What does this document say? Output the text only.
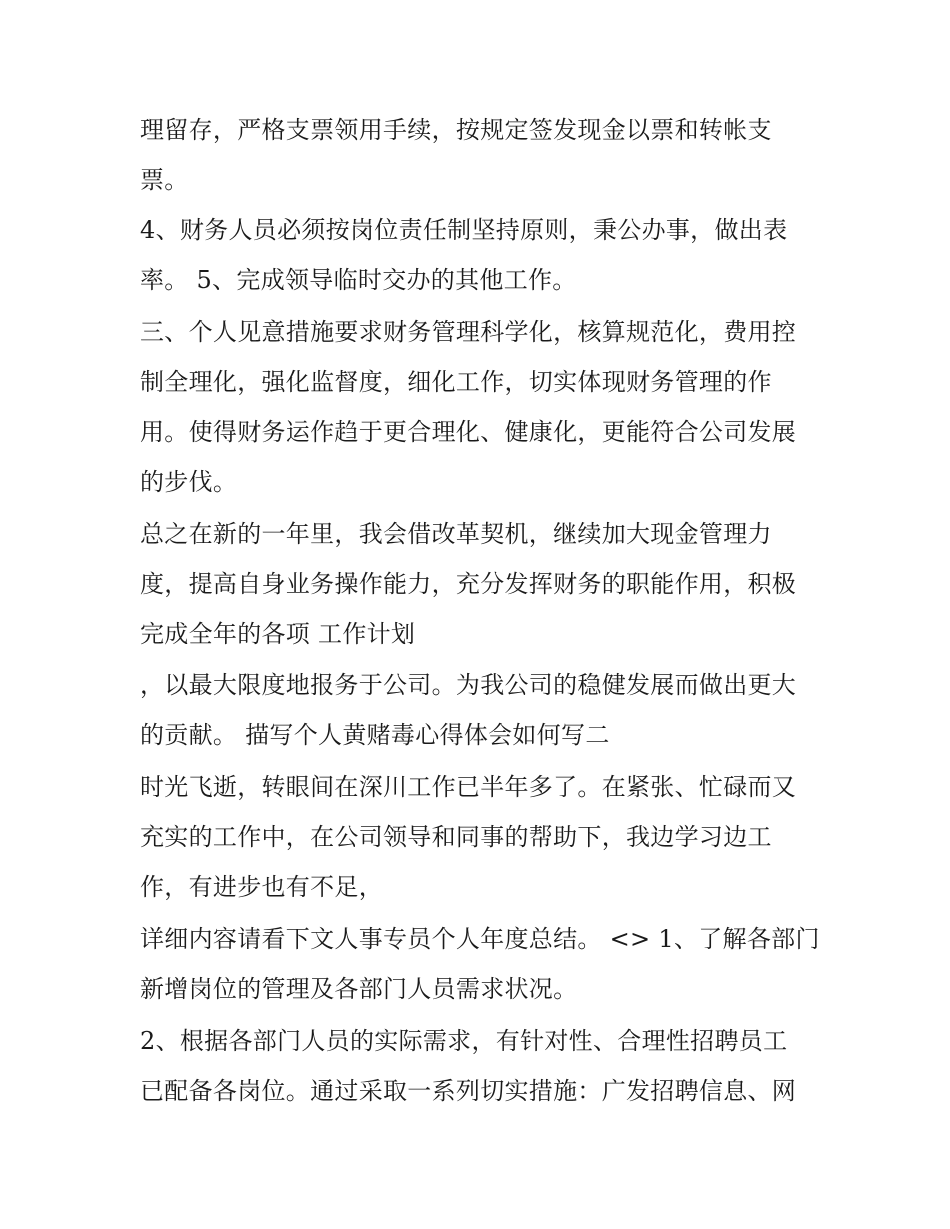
理留存，严格支票领用手续，按规定签发现金以票和转帐支
票。
4、财务人员必须按岗位责任制坚持原则，秉公办事，做出表
率。 5、完成领导临时交办的其他工作。
三、个人见意措施要求财务管理科学化，核算规范化，费用控
制全理化，强化监督度，细化工作，切实体现财务管理的作
用。使得财务运作趋于更合理化、健康化，更能符合公司发展
的步伐。
总之在新的一年里，我会借改革契机，继续加大现金管理力
度，提高自身业务操作能力，充分发挥财务的职能作用，积极
完成全年的各项 工作计划
，以最大限度地报务于公司。为我公司的稳健发展而做出更大
的贡献。 描写个人黄赌毒心得体会如何写二
时光飞逝，转眼间在深川工作已半年多了。在紧张、忙碌而又
充实的工作中，在公司领导和同事的帮助下，我边学习边工
作，有进步也有不足，
详细内容请看下文人事专员个人年度总结。 <> 1、了解各部门
新增岗位的管理及各部门人员需求状况。
2、根据各部门人员的实际需求，有针对性、合理性招聘员工
已配备各岗位。通过采取一系列切实措施：广发招聘信息、网
